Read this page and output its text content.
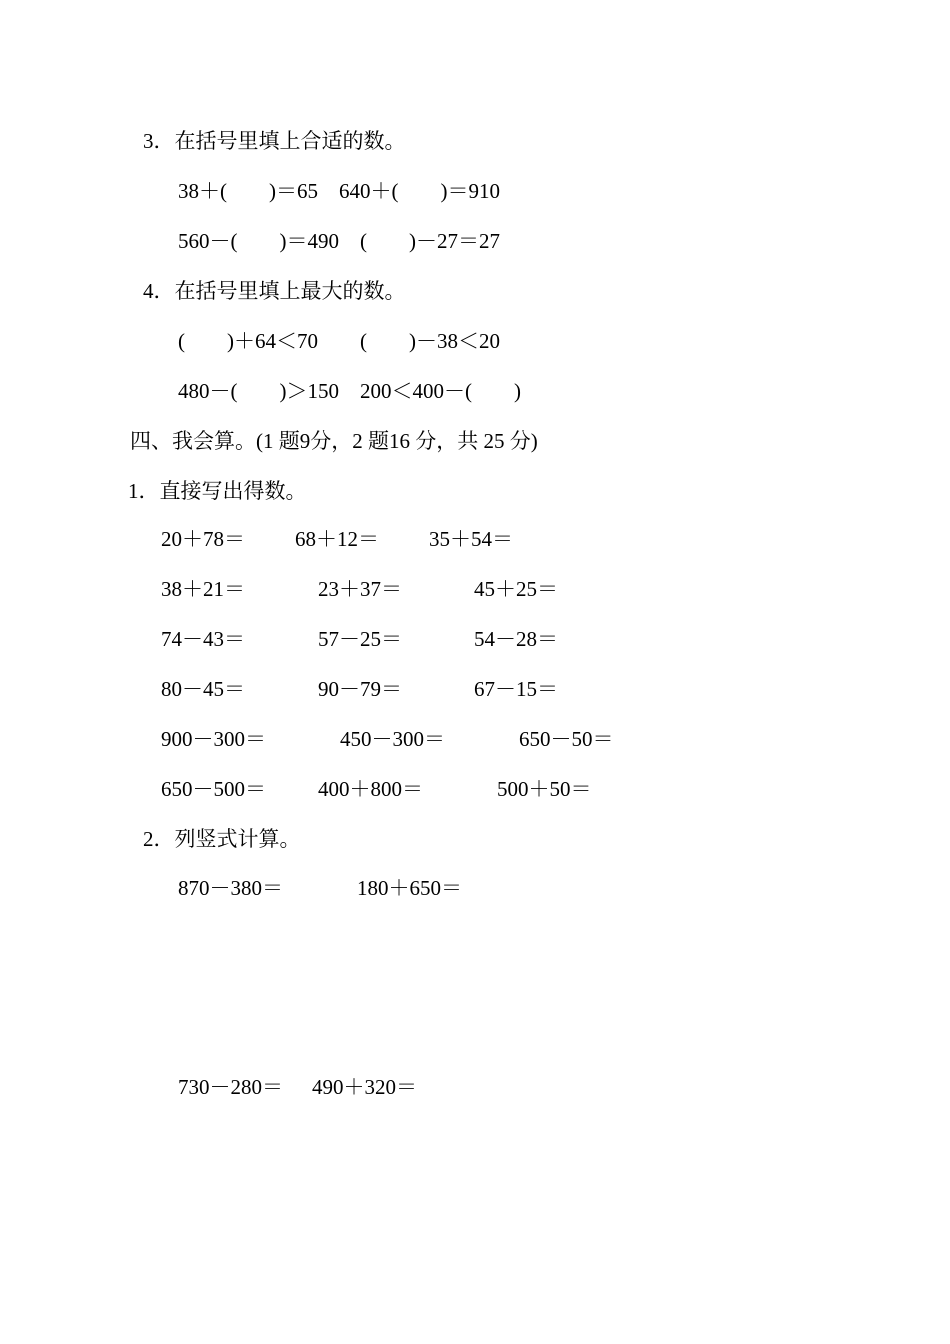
3．在括号里填上合适的数。
38＋(　　)＝65　640＋(　　)＝910
560－(　　)＝490　(　　)－27＝27
4．在括号里填上最大的数。
(　　)＋64＜70　　(　　)－38＜20
480－(　　)＞150　200＜400－(　　)
四、我会算。(1 题9分，2 题16 分，共 25 分)
1．直接写出得数。
20＋78＝ 68＋12＝ 35＋54＝
38＋21＝	23＋37＝	45＋25＝
74－43＝	57－25＝	54－28＝
80－45＝	90－79＝	67－15＝
900－300＝	450－300＝	650－50＝
650－500＝ 400＋800＝	500＋50＝
2．列竖式计算。
870－380＝	180＋650＝
730－280＝ 490＋320＝
